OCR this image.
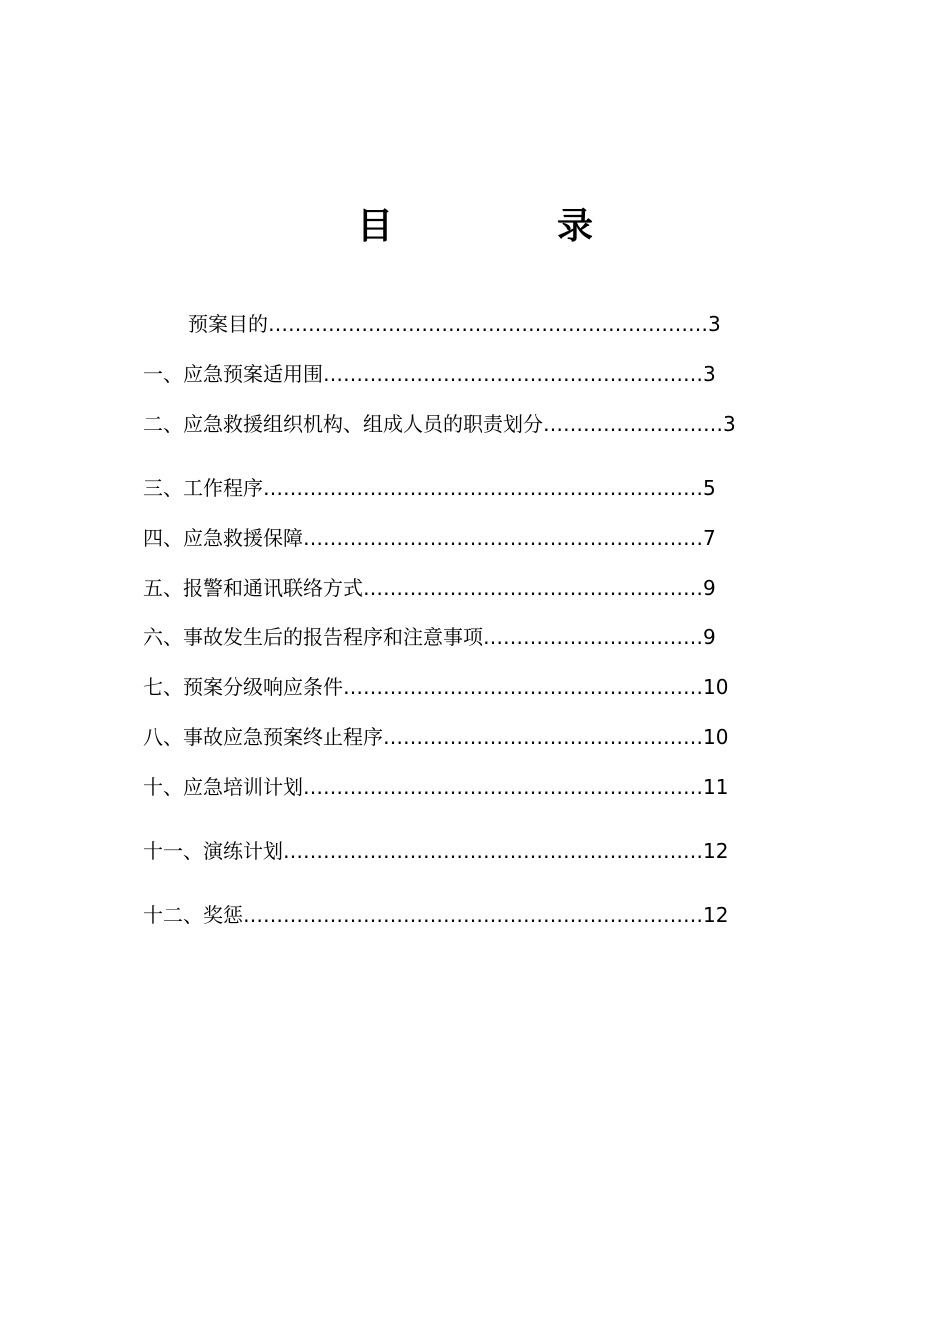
目　录
预案目的…………………………………………………………3
一、应急预案适用围…………………………………………………3
二、应急救援组织机构、组成人员的职责划分………………………3
三、工作程序…………………………………………………………5
四、应急救援保障……………………………………………………7
五、报警和通讯联络方式……………………………………………9
六、事故发生后的报告程序和注意事项……………………………9
七、预案分级响应条件………………………………………………10
八、事故应急预案终止程序…………………………………………10
十、应急培训计划……………………………………………………11
十一、演练计划………………………………………………………12
十二、奖惩……………………………………………………………12
